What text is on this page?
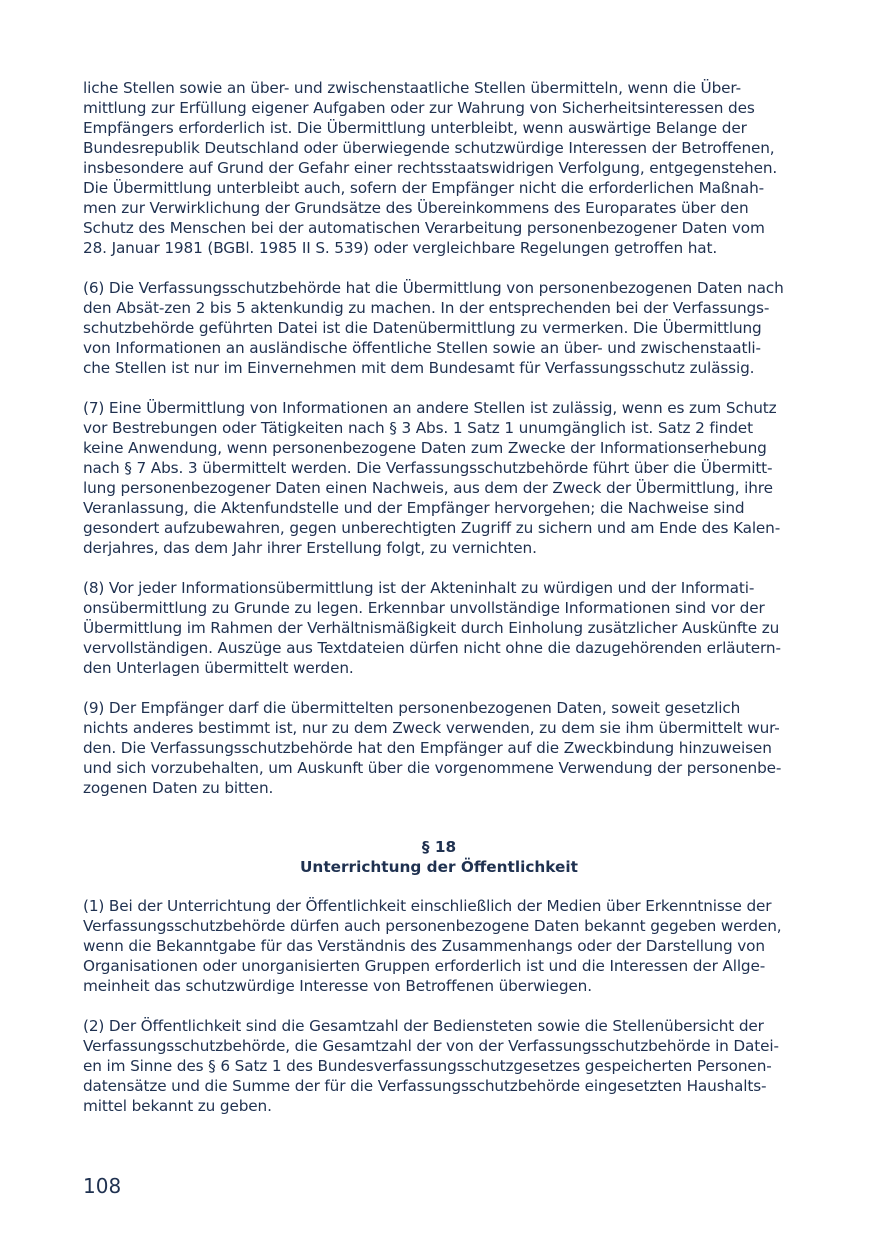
liche Stellen sowie an über- und zwischenstaatliche Stellen übermitteln, wenn die Über-
mittlung zur Erfüllung eigener Aufgaben oder zur Wahrung von Sicherheitsinteressen des
Empfängers erforderlich ist. Die Übermittlung unterbleibt, wenn auswärtige Belange der
Bundesrepublik Deutschland oder überwiegende schutzwürdige Interessen der Betroffenen,
insbesondere auf Grund der Gefahr einer rechtsstaatswidrigen Verfolgung, entgegenstehen.
Die Übermittlung unterbleibt auch, sofern der Empfänger nicht die erforderlichen Maßnah-
men zur Verwirklichung der Grundsätze des Übereinkommens des Europarates über den
Schutz des Menschen bei der automatischen Verarbeitung personenbezogener Daten vom
28. Januar 1981 (BGBl. 1985 II S. 539) oder vergleichbare Regelungen getroffen hat.
(6) Die Verfassungsschutzbehörde hat die Übermittlung von personenbezogenen Daten nach
den Absät-zen 2 bis 5 aktenkundig zu machen. In der entsprechenden bei der Verfassungs-
schutzbehörde geführten Datei ist die Datenübermittlung zu vermerken. Die Übermittlung
von Informationen an ausländische öffentliche Stellen sowie an über- und zwischenstaatli-
che Stellen ist nur im Einvernehmen mit dem Bundesamt für Verfassungsschutz zulässig.
(7) Eine Übermittlung von Informationen an andere Stellen ist zulässig, wenn es zum Schutz
vor Bestrebungen oder Tätigkeiten nach § 3 Abs. 1 Satz 1 unumgänglich ist. Satz 2 findet
keine Anwendung, wenn personenbezogene Daten zum Zwecke der Informationserhebung
nach § 7 Abs. 3 übermittelt werden. Die Verfassungsschutzbehörde führt über die Übermitt-
lung personenbezogener Daten einen Nachweis, aus dem der Zweck der Übermittlung, ihre
Veranlassung, die Aktenfundstelle und der Empfänger hervorgehen; die Nachweise sind
gesondert aufzubewahren, gegen unberechtigten Zugriff zu sichern und am Ende des Kalen-
derjahres, das dem Jahr ihrer Erstellung folgt, zu vernichten.
(8) Vor jeder Informationsübermittlung ist der Akteninhalt zu würdigen und der Informati-
onsübermittlung zu Grunde zu legen. Erkennbar unvollständige Informationen sind vor der
Übermittlung im Rahmen der Verhältnismäßigkeit durch Einholung zusätzlicher Auskünfte zu
vervollständigen. Auszüge aus Textdateien dürfen nicht ohne die dazugehörenden erläutern-
den Unterlagen übermittelt werden.
(9) Der Empfänger darf die übermittelten personenbezogenen Daten, soweit gesetzlich
nichts anderes bestimmt ist, nur zu dem Zweck verwenden, zu dem sie ihm übermittelt wur-
den. Die Verfassungsschutzbehörde hat den Empfänger auf die Zweckbindung hinzuweisen
und sich vorzubehalten, um Auskunft über die vorgenommene Verwendung der personenbe-
zogenen Daten zu bitten.
§ 18
Unterrichtung der Öffentlichkeit
(1) Bei der Unterrichtung der Öffentlichkeit einschließlich der Medien über Erkenntnisse der
Verfassungsschutzbehörde dürfen auch personenbezogene Daten bekannt gegeben werden,
wenn die Bekanntgabe für das Verständnis des Zusammenhangs oder der Darstellung von
Organisationen oder unorganisierten Gruppen erforderlich ist und die Interessen der Allge-
meinheit das schutzwürdige Interesse von Betroffenen überwiegen.
(2) Der Öffentlichkeit sind die Gesamtzahl der Bediensteten sowie die Stellenübersicht der
Verfassungsschutzbehörde, die Gesamtzahl der von der Verfassungsschutzbehörde in Datei-
en im Sinne des § 6 Satz 1 des Bundesverfassungsschutzgesetzes gespeicherten Personen-
datensätze und die Summe der für die Verfassungsschutzbehörde eingesetzten Haushalts-
mittel bekannt zu geben.
108
